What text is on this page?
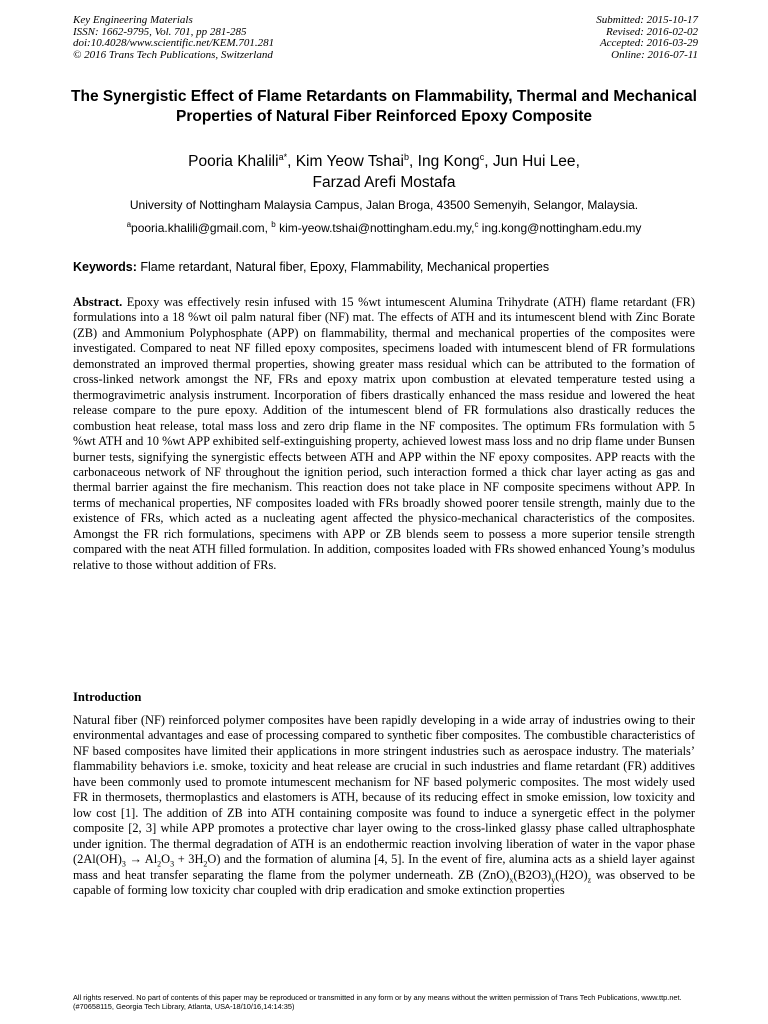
Key Engineering Materials
ISSN: 1662-9795, Vol. 701, pp 281-285
doi:10.4028/www.scientific.net/KEM.701.281
© 2016 Trans Tech Publications, Switzerland
Submitted: 2015-10-17
Revised: 2016-02-02
Accepted: 2016-03-29
Online: 2016-07-11
The Synergistic Effect of Flame Retardants on Flammability, Thermal and Mechanical Properties of Natural Fiber Reinforced Epoxy Composite
Pooria Khalili$^{a*}$, Kim Yeow Tshai$^b$, Ing Kong$^c$, Jun Hui Lee,
Farzad Arefi Mostafa
University of Nottingham Malaysia Campus, Jalan Broga, 43500 Semenyih, Selangor, Malaysia.
$^a$pooria.khalili@gmail.com, $^b$ kim-yeow.tshai@nottingham.edu.my,$^c$ ing.kong@nottingham.edu.my
Keywords: Flame retardant, Natural fiber, Epoxy, Flammability, Mechanical properties

Abstract. Epoxy was effectively resin infused with 15 %wt intumescent Alumina Trihydrate (ATH) flame retardant (FR) formulations into a 18 %wt oil palm natural fiber (NF) mat. The effects of ATH and its intumescent blend with Zinc Borate (ZB) and Ammonium Polyphosphate (APP) on flammability, thermal and mechanical properties of the composites were investigated. Compared to neat NF filled epoxy composites, specimens loaded with intumescent blend of FR formulations demonstrated an improved thermal properties, showing greater mass residual which can be attributed to the formation of cross-linked network amongst the NF, FRs and epoxy matrix upon combustion at elevated temperature tested using a thermogravimetric analysis instrument. Incorporation of fibers drastically enhanced the mass residue and lowered the heat release compare to the pure epoxy. Addition of the intumescent blend of FR formulations also drastically reduces the combustion heat release, total mass loss and zero drip flame in the NF composites. The optimum FRs formulation with 5 %wt ATH and 10 %wt APP exhibited self-extinguishing property, achieved lowest mass loss and no drip flame under Bunsen burner tests, signifying the synergistic effects between ATH and APP within the NF epoxy composites. APP reacts with the carbonaceous network of NF throughout the ignition period, such interaction formed a thick char layer acting as gas and thermal barrier against the fire mechanism. This reaction does not take place in NF composite specimens without APP. In terms of mechanical properties, NF composites loaded with FRs broadly showed poorer tensile strength, mainly due to the existence of FRs, which acted as a nucleating agent affected the physico-mechanical characteristics of the composites. Amongst the FR rich formulations, specimens with APP or ZB blends seem to possess a more superior tensile strength compared with the neat ATH filled formulation. In addition, composites loaded with FRs showed enhanced Young’s modulus relative to those without addition of FRs.

Introduction

Natural fiber (NF) reinforced polymer composites have been rapidly developing in a wide array of industries owing to their environmental advantages and ease of processing compared to synthetic fiber composites. The combustible characteristics of NF based composites have limited their applications in more stringent industries such as aerospace industry. The materials’ flammability behaviors i.e. smoke, toxicity and heat release are crucial in such industries and flame retardant (FR) additives have been commonly used to promote intumescent mechanism for NF based polymeric composites. The most widely used FR in thermosets, thermoplastics and elastomers is ATH, because of its reducing effect in smoke emission, low toxicity and low cost [1]. The addition of ZB into ATH containing composite was found to induce a synergetic effect in the polymer composite [2, 3] while APP promotes a protective char layer owing to the cross-linked glassy phase called ultraphosphate under ignition. The thermal degradation of ATH is an endothermic reaction involving liberation of water in the vapor phase $(2Al(OH)_3 \to Al_2O_3 + 3H_2O)$ and the formation of alumina [4, 5]. In the event of fire, alumina acts as a shield layer against mass and heat transfer separating the flame from the polymer underneath. ZB $(ZnO)_x(B2O3)_y(H2O)_z$ was observed to be capable of forming low toxicity char coupled with drip eradication and smoke extinction properties

All rights reserved. No part of contents of this paper may be reproduced or transmitted in any form or by any means without the written permission of Trans Tech Publications, www.ttp.net. (#70658115, Georgia Tech Library, Atlanta, USA-18/10/16,14:14:35)
